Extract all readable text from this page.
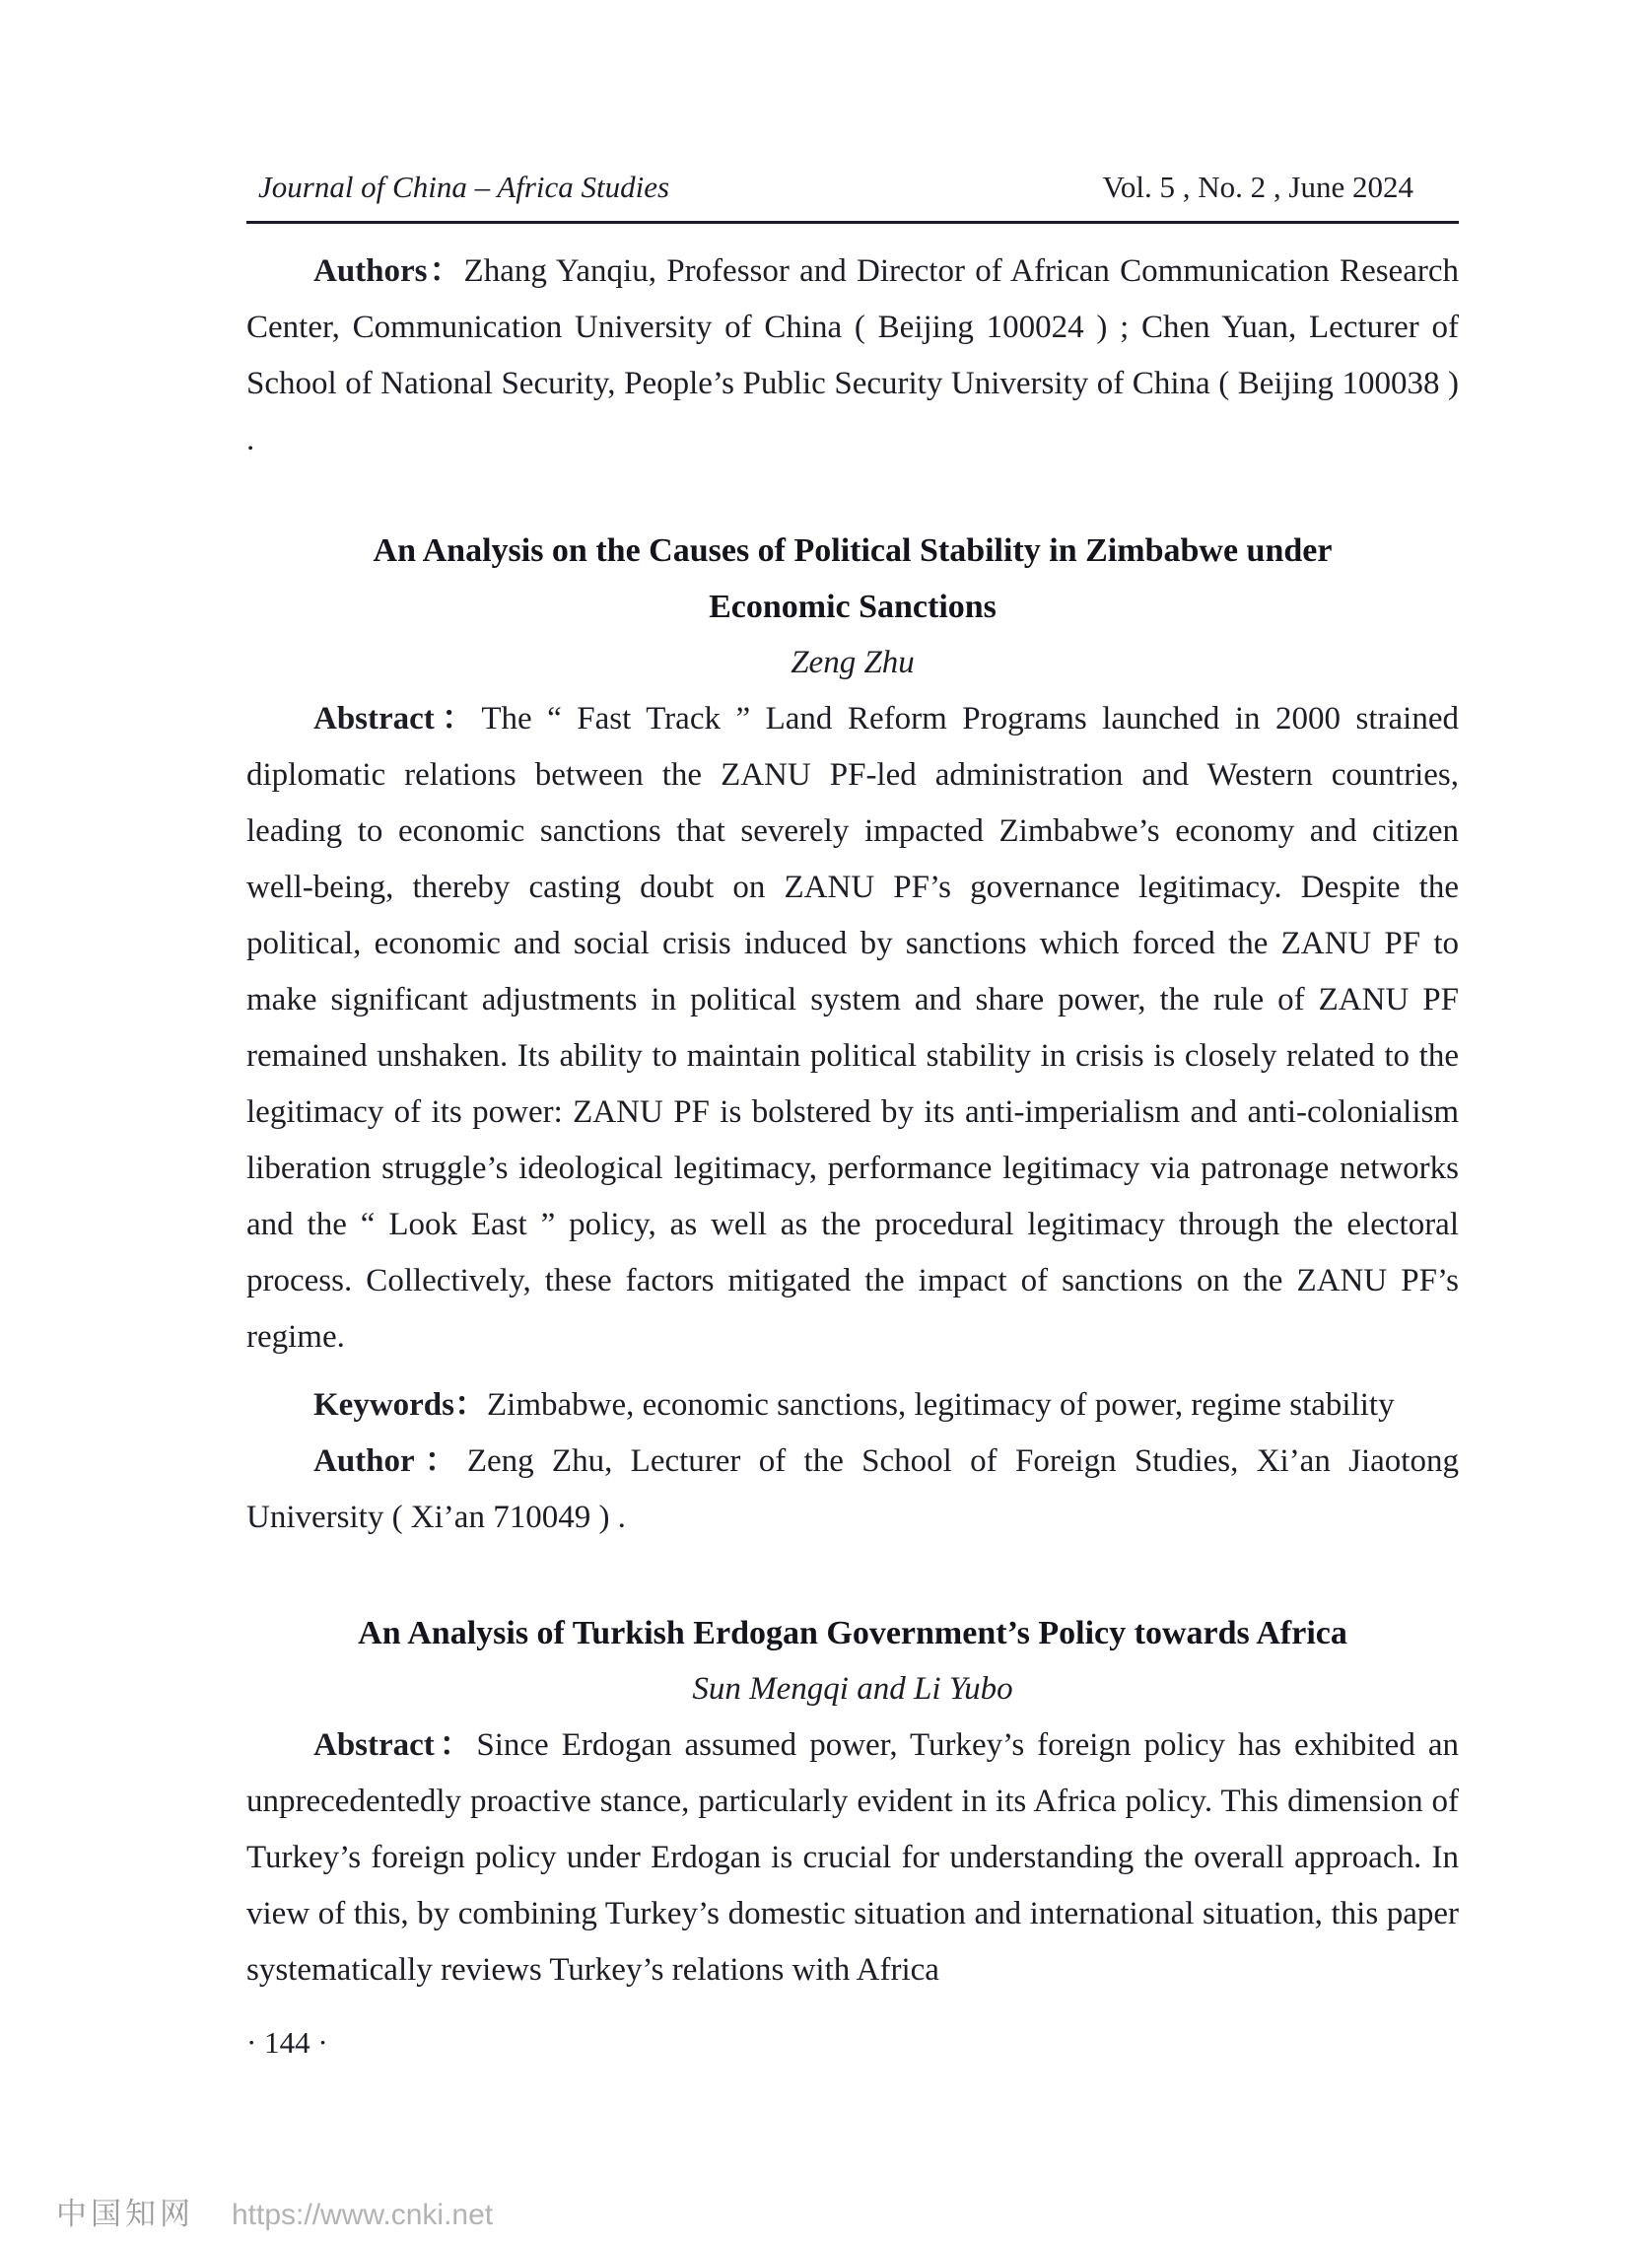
Journal of China – Africa Studies	Vol. 5 , No. 2 , June 2024

Authors：Zhang Yanqiu, Professor and Director of African Communication Research Center, Communication University of China ( Beijing 100024 ) ; Chen Yuan, Lecturer of School of National Security, People’s Public Security University of China ( Beijing 100038 ) .

An Analysis on the Causes of Political Stability in Zimbabwe under
Economic Sanctions
Zeng Zhu

Abstract：The “ Fast Track ” Land Reform Programs launched in 2000 strained diplomatic relations between the ZANU PF-led administration and Western countries, leading to economic sanctions that severely impacted Zimbabwe’s economy and citizen well-being, thereby casting doubt on ZANU PF’s governance legitimacy. Despite the political, economic and social crisis induced by sanctions which forced the ZANU PF to make significant adjustments in political system and share power, the rule of ZANU PF remained unshaken. Its ability to maintain political stability in crisis is closely related to the legitimacy of its power: ZANU PF is bolstered by its anti-imperialism and anti-colonialism liberation struggle’s ideological legitimacy, performance legitimacy via patronage networks and the “ Look East ” policy, as well as the procedural legitimacy through the electoral process. Collectively, these factors mitigated the impact of sanctions on the ZANU PF’s regime.

Keywords：Zimbabwe, economic sanctions, legitimacy of power, regime stability

Author：Zeng Zhu, Lecturer of the School of Foreign Studies, Xi’an Jiaotong University ( Xi’an 710049 ) .

An Analysis of Turkish Erdogan Government’s Policy towards Africa
Sun Mengqi and Li Yubo

Abstract：Since Erdogan assumed power, Turkey’s foreign policy has exhibited an unprecedentedly proactive stance, particularly evident in its Africa policy. This dimension of Turkey’s foreign policy under Erdogan is crucial for understanding the overall approach. In view of this, by combining Turkey’s domestic situation and international situation, this paper systematically reviews Turkey’s relations with Africa

· 144 ·
中国知网 https://www.cnki.net
